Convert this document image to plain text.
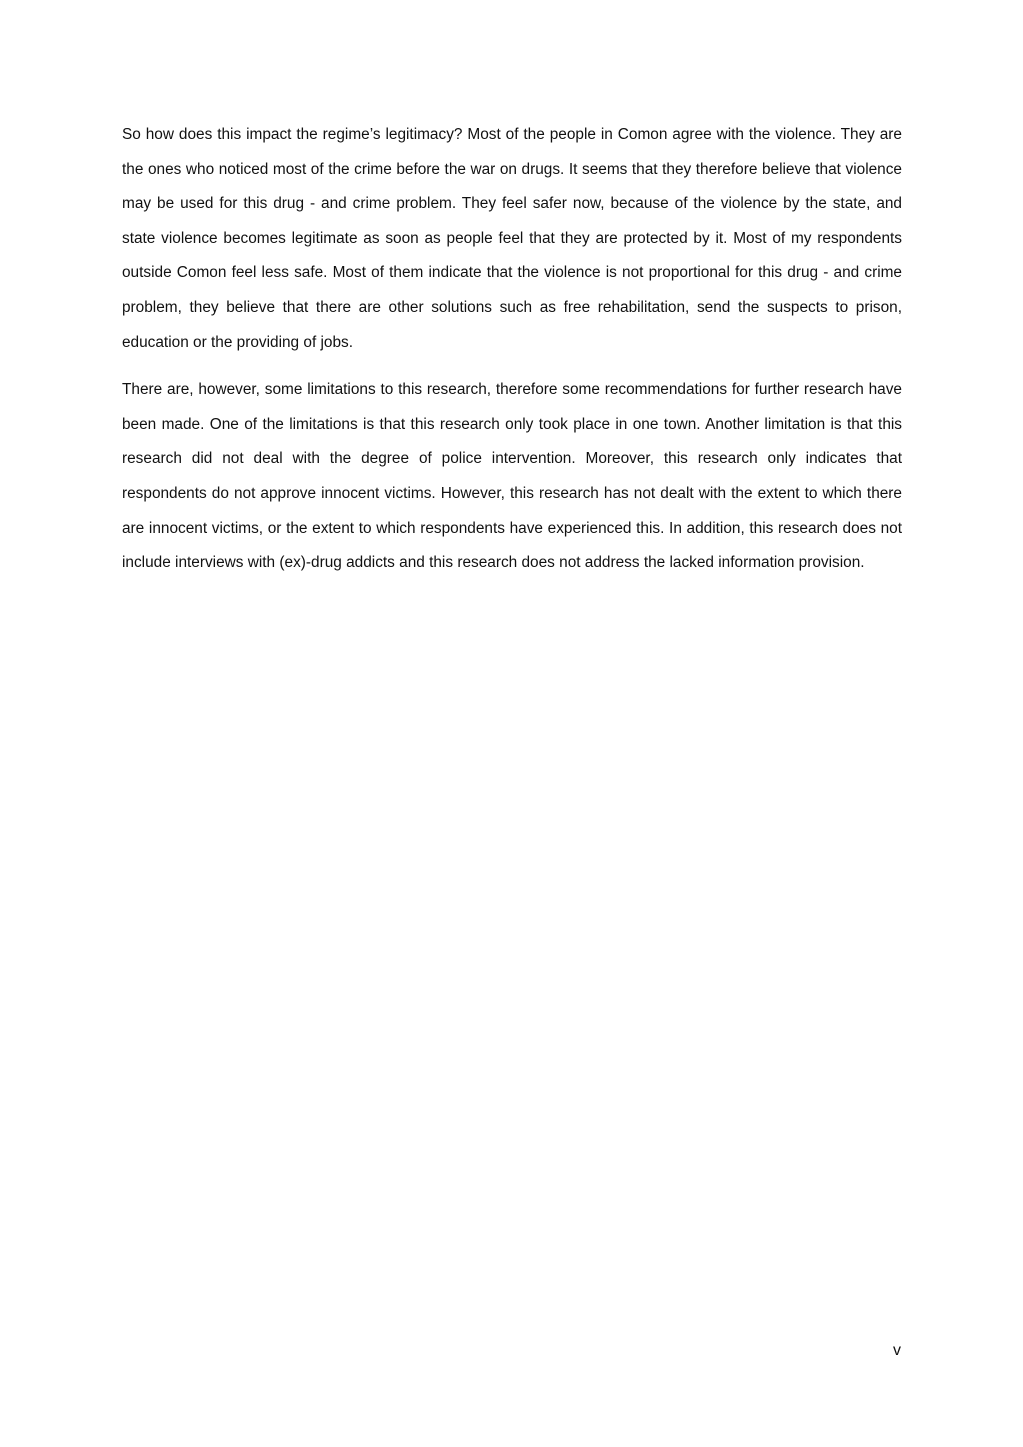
So how does this impact the regime’s legitimacy? Most of the people in Comon agree with the violence. They are the ones who noticed most of the crime before the war on drugs. It seems that they therefore believe that violence may be used for this drug - and crime problem. They feel safer now, because of the violence by the state, and state violence becomes legitimate as soon as people feel that they are protected by it. Most of my respondents outside Comon feel less safe. Most of them indicate that the violence is not proportional for this drug - and crime problem, they believe that there are other solutions such as free rehabilitation, send the suspects to prison, education or the providing of jobs.

There are, however, some limitations to this research, therefore some recommendations for further research have been made. One of the limitations is that this research only took place in one town. Another limitation is that this research did not deal with the degree of police intervention. Moreover, this research only indicates that respondents do not approve innocent victims. However, this research has not dealt with the extent to which there are innocent victims, or the extent to which respondents have experienced this. In addition, this research does not include interviews with (ex)-drug addicts and this research does not address the lacked information provision.

v
